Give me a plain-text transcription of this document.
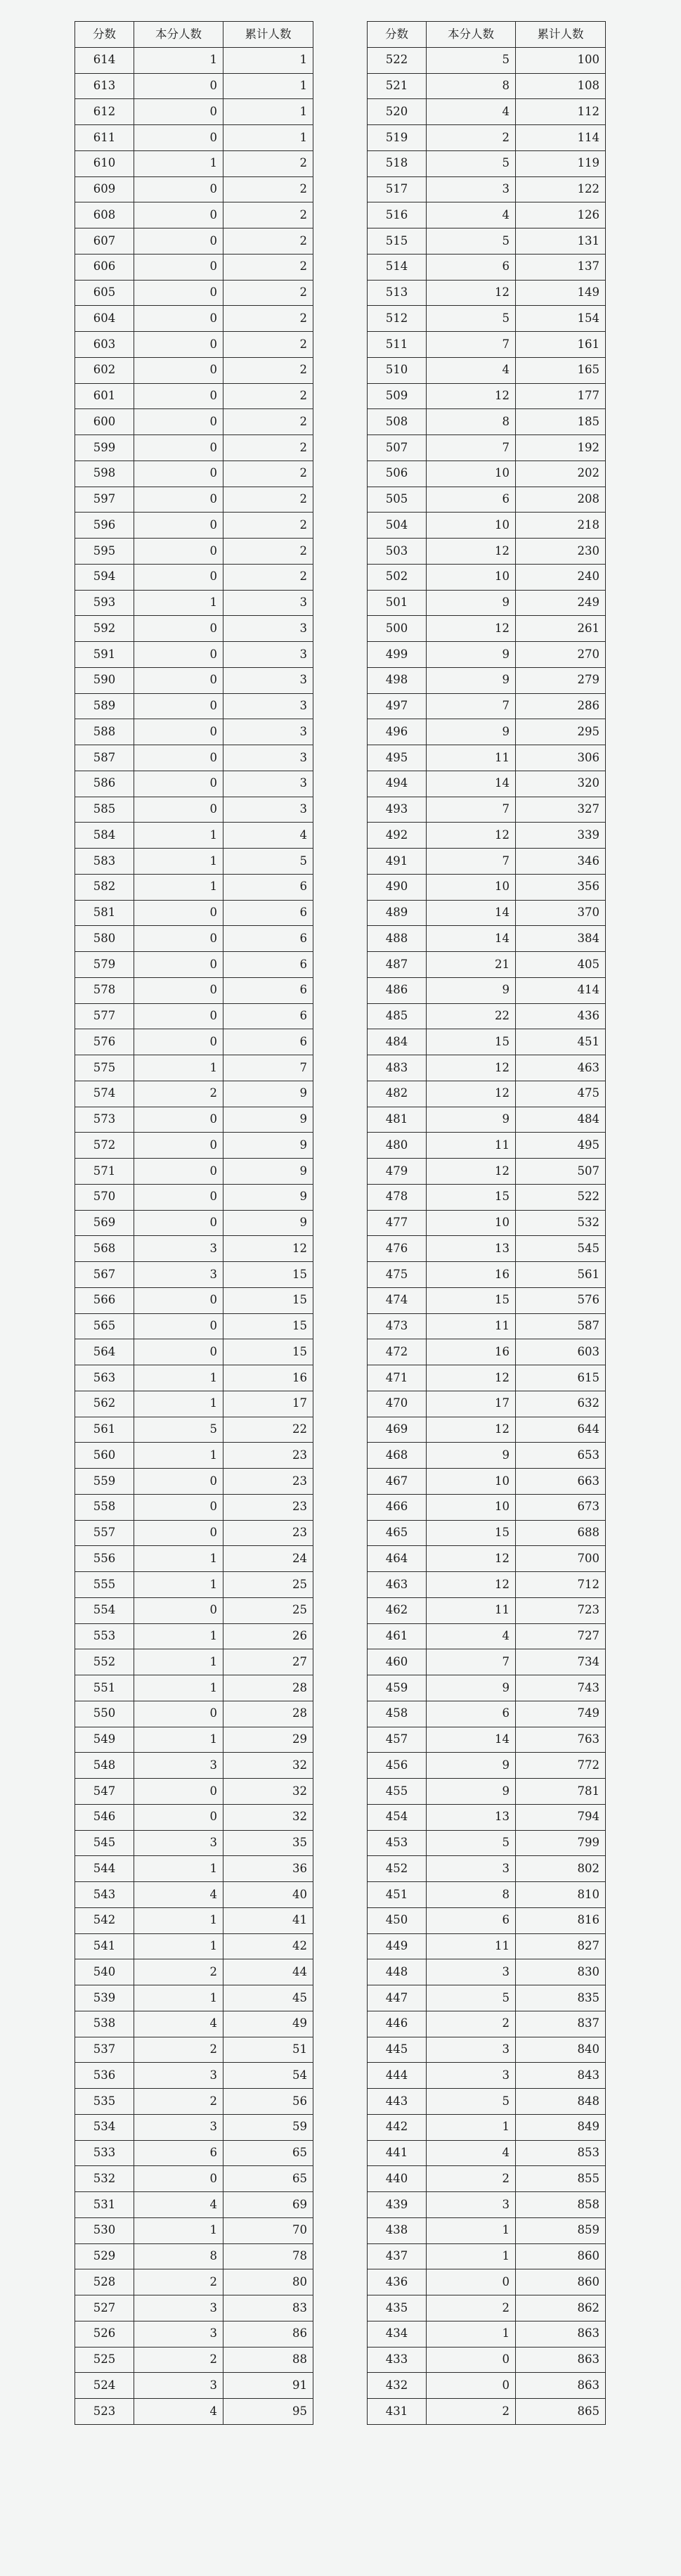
分数	本分人数	累计人数
614	1	1
613	0	1
612	0	1
611	0	1
610	1	2
609	0	2
608	0	2
607	0	2
606	0	2
605	0	2
604	0	2
603	0	2
602	0	2
601	0	2
600	0	2
599	0	2
598	0	2
597	0	2
596	0	2
595	0	2
594	0	2
593	1	3
592	0	3
591	0	3
590	0	3
589	0	3
588	0	3
587	0	3
586	0	3
585	0	3
584	1	4
583	1	5
582	1	6
581	0	6
580	0	6
579	0	6
578	0	6
577	0	6
576	0	6
575	1	7
574	2	9
573	0	9
572	0	9
571	0	9
570	0	9
569	0	9
568	3	12
567	3	15
566	0	15
565	0	15
564	0	15
563	1	16
562	1	17
561	5	22
560	1	23
559	0	23
558	0	23
557	0	23
556	1	24
555	1	25
554	0	25
553	1	26
552	1	27
551	1	28
550	0	28
549	1	29
548	3	32
547	0	32
546	0	32
545	3	35
544	1	36
543	4	40
542	1	41
541	1	42
540	2	44
539	1	45
538	4	49
537	2	51
536	3	54
535	2	56
534	3	59
533	6	65
532	0	65
531	4	69
530	1	70
529	8	78
528	2	80
527	3	83
526	3	86
525	2	88
524	3	91
523	4	95
分数	本分人数	累计人数
522	5	100
521	8	108
520	4	112
519	2	114
518	5	119
517	3	122
516	4	126
515	5	131
514	6	137
513	12	149
512	5	154
511	7	161
510	4	165
509	12	177
508	8	185
507	7	192
506	10	202
505	6	208
504	10	218
503	12	230
502	10	240
501	9	249
500	12	261
499	9	270
498	9	279
497	7	286
496	9	295
495	11	306
494	14	320
493	7	327
492	12	339
491	7	346
490	10	356
489	14	370
488	14	384
487	21	405
486	9	414
485	22	436
484	15	451
483	12	463
482	12	475
481	9	484
480	11	495
479	12	507
478	15	522
477	10	532
476	13	545
475	16	561
474	15	576
473	11	587
472	16	603
471	12	615
470	17	632
469	12	644
468	9	653
467	10	663
466	10	673
465	15	688
464	12	700
463	12	712
462	11	723
461	4	727
460	7	734
459	9	743
458	6	749
457	14	763
456	9	772
455	9	781
454	13	794
453	5	799
452	3	802
451	8	810
450	6	816
449	11	827
448	3	830
447	5	835
446	2	837
445	3	840
444	3	843
443	5	848
442	1	849
441	4	853
440	2	855
439	3	858
438	1	859
437	1	860
436	0	860
435	2	862
434	1	863
433	0	863
432	0	863
431	2	865
